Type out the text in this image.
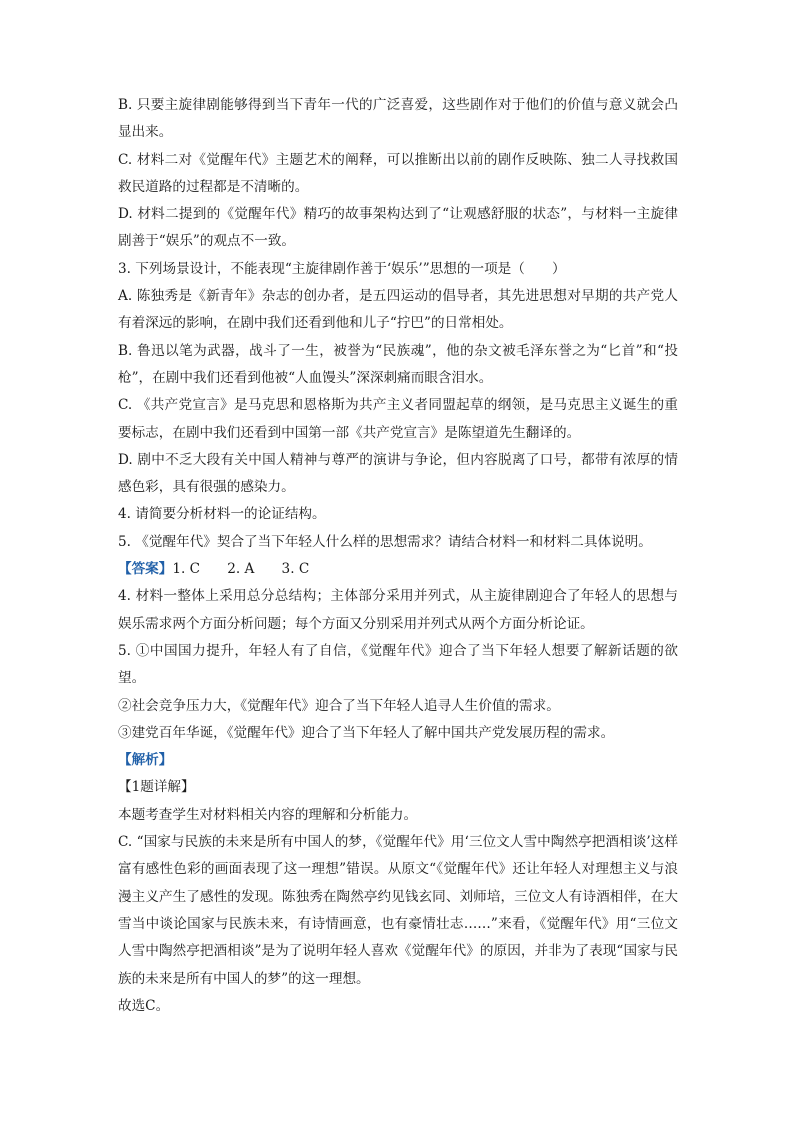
B. 只要主旋律剧能够得到当下青年一代的广泛喜爱，这些剧作对于他们的价值与意义就会凸显出来。

C. 材料二对《觉醒年代》主题艺术的阐释，可以推断出以前的剧作反映陈、独二人寻找救国救民道路的过程都是不清晰的。

D. 材料二提到的《觉醒年代》精巧的故事架构达到了“让观感舒服的状态”，与材料一主旋律剧善于“娱乐”的观点不一致。

3. 下列场景设计，不能表现“主旋律剧作善于‘娱乐’”思想的一项是（　　）

A. 陈独秀是《新青年》杂志的创办者，是五四运动的倡导者，其先进思想对早期的共产党人有着深远的影响，在剧中我们还看到他和儿子“拧巴”的日常相处。

B. 鲁迅以笔为武器，战斗了一生，被誉为“民族魂”，他的杂文被毛泽东誉之为“匕首”和“投枪”，在剧中我们还看到他被“人血馒头”深深刺痛而眼含泪水。

C. 《共产党宣言》是马克思和恩格斯为共产主义者同盟起草的纲领，是马克思主义诞生的重要标志，在剧中我们还看到中国第一部《共产党宣言》是陈望道先生翻译的。

D. 剧中不乏大段有关中国人精神与尊严的演讲与争论，但内容脱离了口号，都带有浓厚的情感色彩，具有很强的感染力。

4. 请简要分析材料一的论证结构。

5. 《觉醒年代》契合了当下年轻人什么样的思想需求？请结合材料一和材料二具体说明。

【答案】1. C　　2. A　　3. C

4. 材料一整体上采用总分总结构；主体部分采用并列式，从主旋律剧迎合了年轻人的思想与娱乐需求两个方面分析问题；每个方面又分别采用并列式从两个方面分析论证。

5. ①中国国力提升，年轻人有了自信，《觉醒年代》迎合了当下年轻人想要了解新话题的欲望。

②社会竞争压力大，《觉醒年代》迎合了当下年轻人追寻人生价值的需求。

③建党百年华诞，《觉醒年代》迎合了当下年轻人了解中国共产党发展历程的需求。

【解析】

【1题详解】

本题考查学生对材料相关内容的理解和分析能力。

C. “国家与民族的未来是所有中国人的梦，《觉醒年代》用‘三位文人雪中陶然亭把酒相谈’这样富有感性色彩的画面表现了这一理想”错误。从原文“《觉醒年代》还让年轻人对理想主义与浪漫主义产生了感性的发现。陈独秀在陶然亭约见钱玄同、刘师培，三位文人有诗酒相伴，在大雪当中谈论国家与民族未来，有诗情画意，也有豪情壮志……”来看，《觉醒年代》用“三位文人雪中陶然亭把酒相谈”是为了说明年轻人喜欢《觉醒年代》的原因，并非为了表现“国家与民族的未来是所有中国人的梦”的这一理想。

故选C。
